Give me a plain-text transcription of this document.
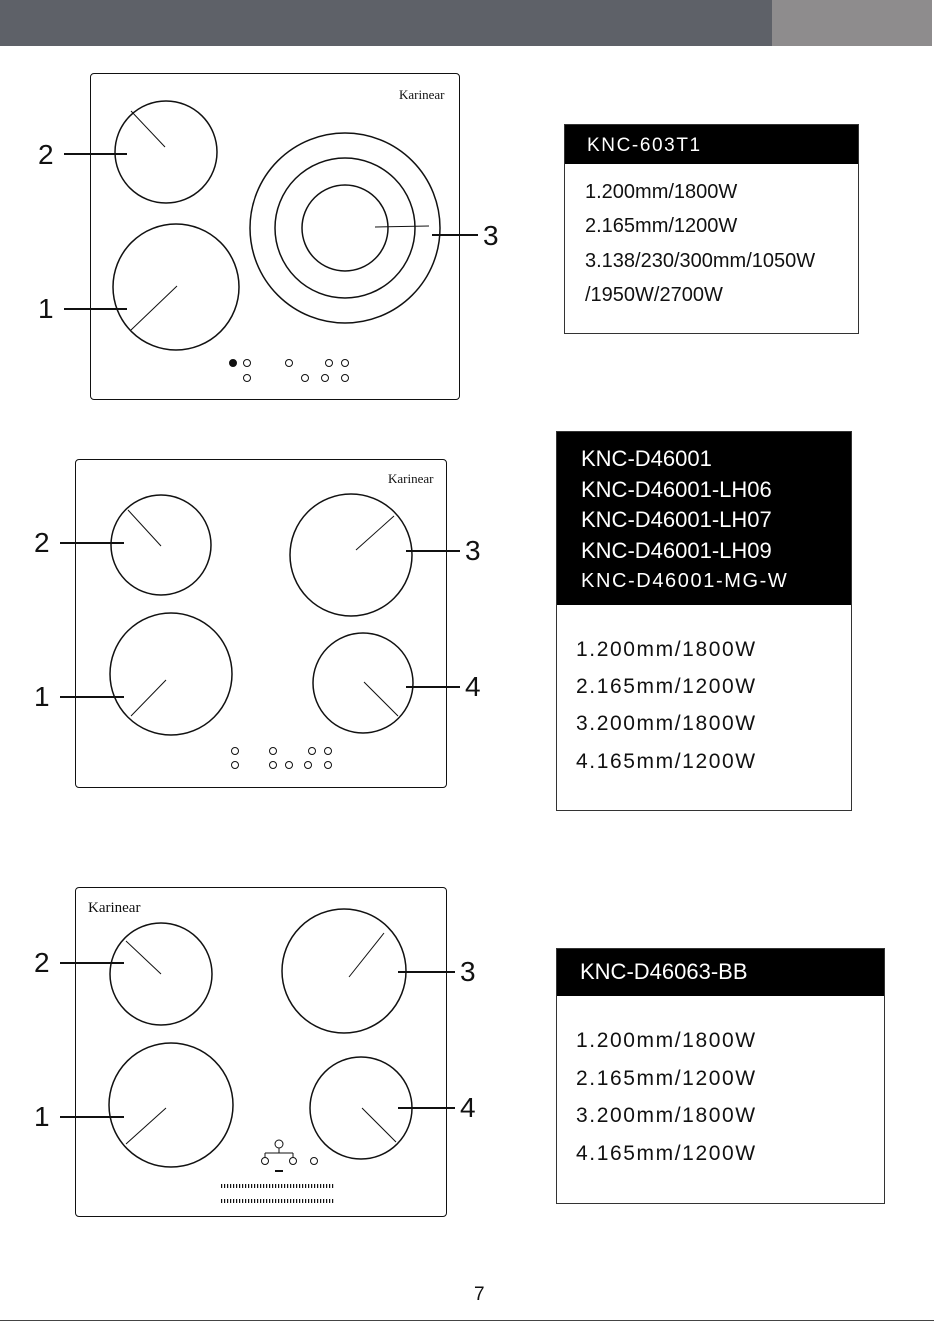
Karinear
2
1
3
KNC-603T1
1.200mm/1800W
2.165mm/1200W
3.138/230/300mm/1050W
/1950W/2700W
Karinear
2	3
1	4
KNC-D46001
KNC-D46001-LH06
KNC-D46001-LH07
KNC-D46001-LH09
KNC-D46001-MG-W
1.200mm/1800W
2.165mm/1200W
3.200mm/1800W
4.165mm/1200W
Karinear
2	3
1	4
KNC-D46063-BB
1.200mm/1800W
2.165mm/1200W
3.200mm/1800W
4.165mm/1200W
7
